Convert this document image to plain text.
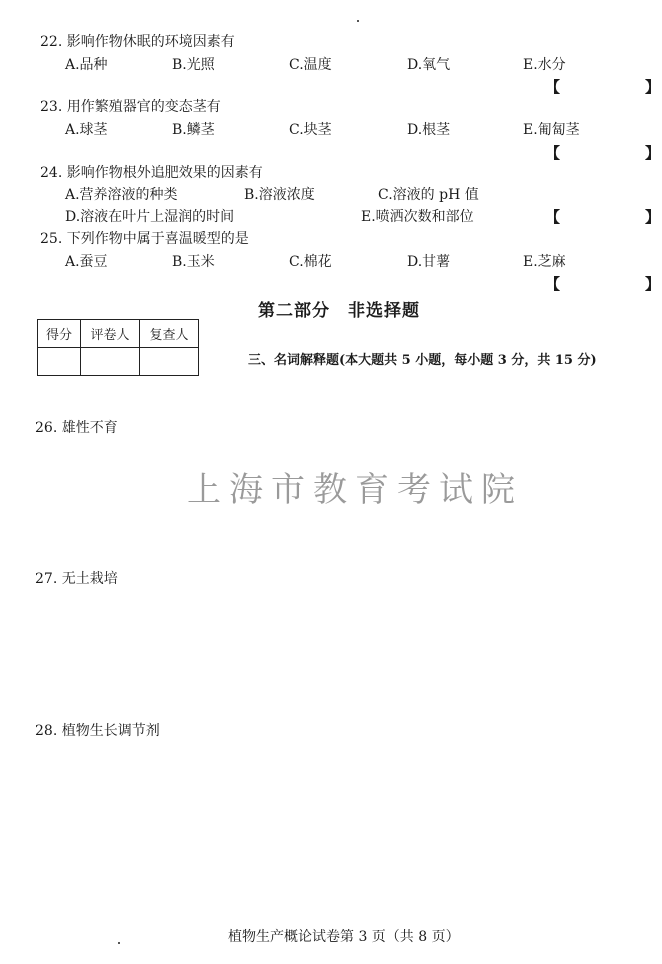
22. 影响作物休眠的环境因素有
A.品种	B.光照	C.温度	D.氧气	E.水分
【	】
23. 用作繁殖器官的变态茎有
A.球茎	B.鳞茎	C.块茎	D.根茎	E.匍匐茎
【	】
24. 影响作物根外追肥效果的因素有
A.营养溶液的种类	B.溶液浓度	C.溶液的 pH 值
D.溶液在叶片上湿润的时间	E.喷洒次数和部位	【	】
25. 下列作物中属于喜温暖型的是
A.蚕豆	B.玉米	C.棉花	D.甘薯	E.芝麻
【	】
第二部分　非选择题
得分	评卷人	复查人

三、名词解释题(本大题共 5 小题，每小题 3 分，共 15 分)
26. 雄性不育
上海市教育考试院
27. 无土栽培
28. 植物生长调节剂
植物生产概论试卷第 3 页（共 8 页）
